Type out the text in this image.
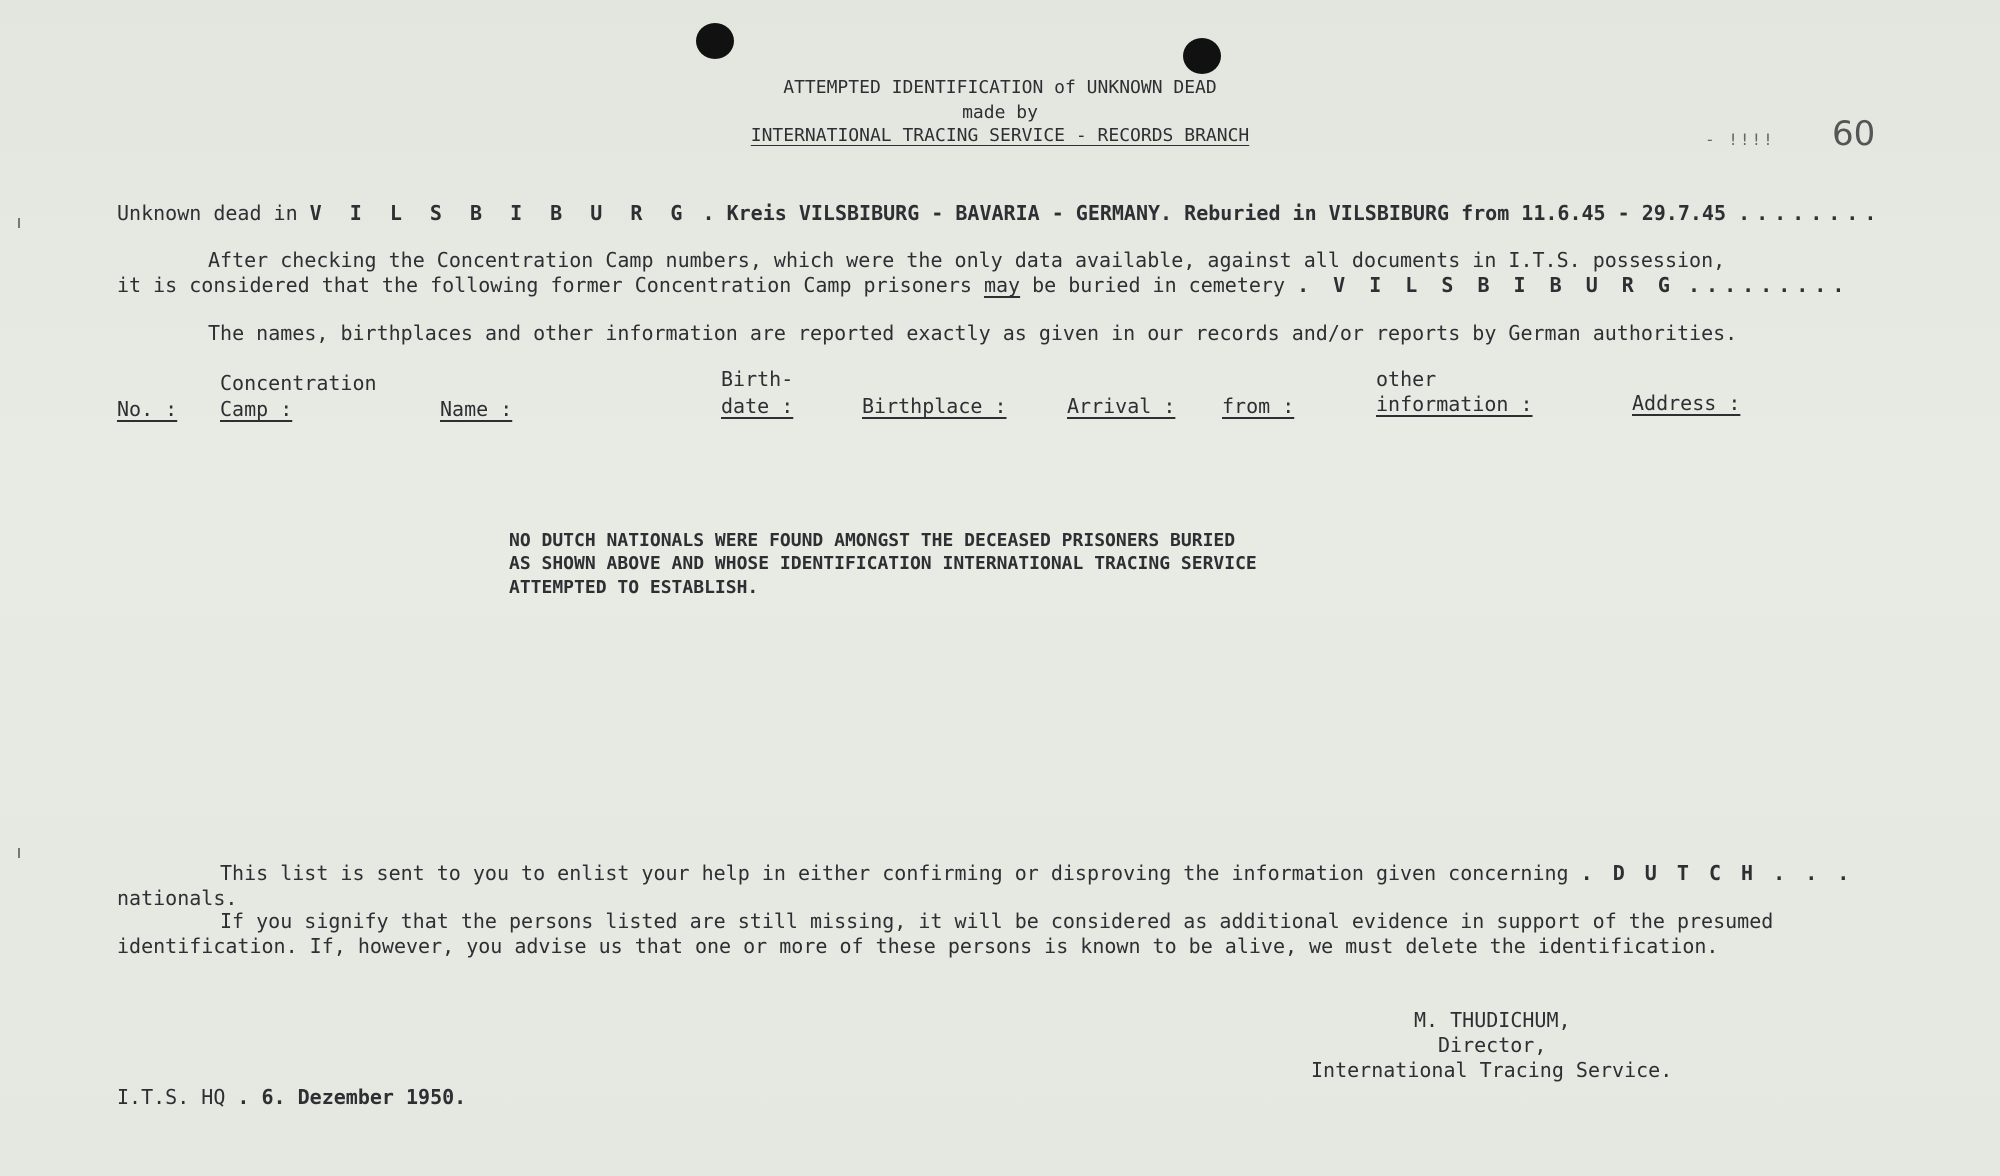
ATTEMPTED IDENTIFICATION of UNKNOWN DEAD
made by
INTERNATIONAL TRACING SERVICE - RECORDS BRANCH	- !!!! 60
Unknown dead in V I L S B I B U R G . Kreis VILSBIBURG - BAVARIA - GERMANY. Reburied in VILSBIBURG from 11.6.45 - 29.7.45 ........
After checking the Concentration Camp numbers, which were the only data available, against all documents in I.T.S. possession,
it is considered that the following former Concentration Camp prisoners may be buried in cemetery . V I L S B I B U R G .........
The names, birthplaces and other information are reported exactly as given in our records and/or reports by German authorities.
No. :
Concentration
Camp :	Name :
Birth-
date :	Birthplace :	Arrival : from :
other
information :	Address :
NO DUTCH NATIONALS WERE FOUND AMONGST THE DECEASED PRISONERS BURIED
AS SHOWN ABOVE AND WHOSE IDENTIFICATION INTERNATIONAL TRACING SERVICE
ATTEMPTED TO ESTABLISH.
This list is sent to you to enlist your help in either confirming or disproving the information given concerning . D U T C H . . .
nationals.
If you signify that the persons listed are still missing, it will be considered as additional evidence in support of the presumed
identification. If, however, you advise us that one or more of these persons is known to be alive, we must delete the identification.
M. THUDICHUM,
Director,
International Tracing Service.
I.T.S. HQ . 6. Dezember 1950.
